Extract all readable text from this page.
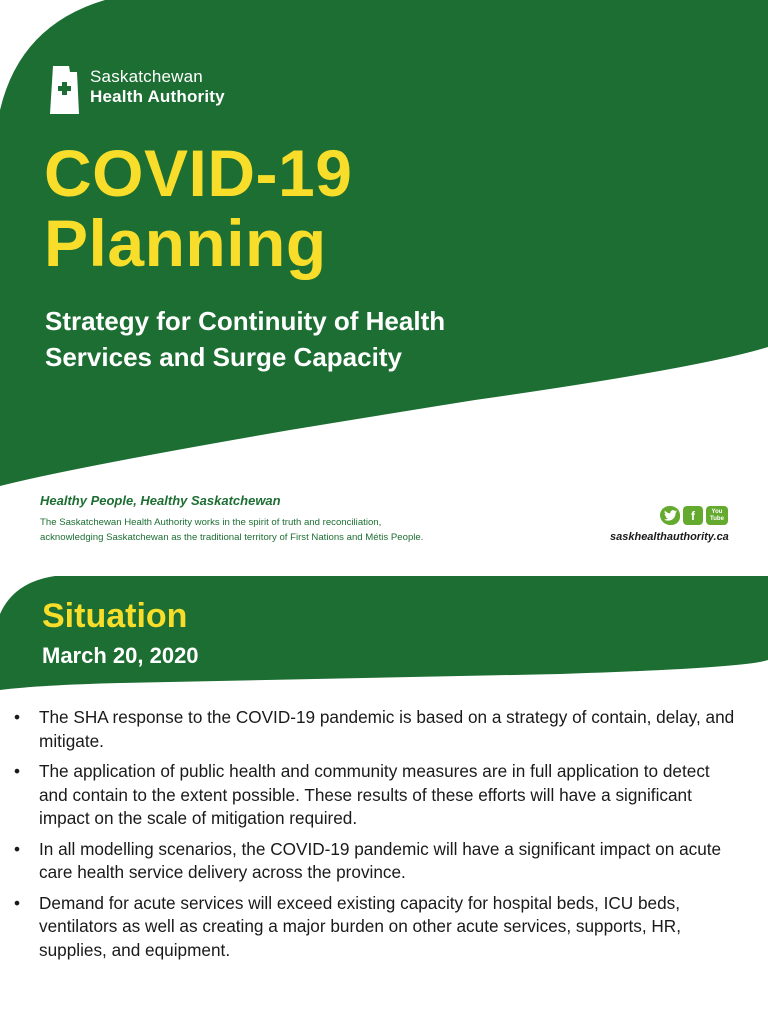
Saskatchewan
Health Authority
COVID-19
Planning
Strategy for Continuity of Health
Services and Surge Capacity
Healthy People, Healthy Saskatchewan
The Saskatchewan Health Authority works in the spirit of truth and reconciliation,
acknowledging Saskatchewan as the traditional territory of First Nations and Métis People.
f	You
Tube
saskhealthauthority.ca
Situation
March 20, 2020
• The SHA response to the COVID-19 pandemic is based on a strategy of contain, delay, and mitigate.
• The application of public health and community measures are in full application to detect and contain to the extent possible. These results of these efforts will have a significant impact on the scale of mitigation required.
• In all modelling scenarios, the COVID-19 pandemic will have a significant impact on acute care health service delivery across the province.
• Demand for acute services will exceed existing capacity for hospital beds, ICU beds, ventilators as well as creating a major burden on other acute services, supports, HR, supplies, and equipment.
